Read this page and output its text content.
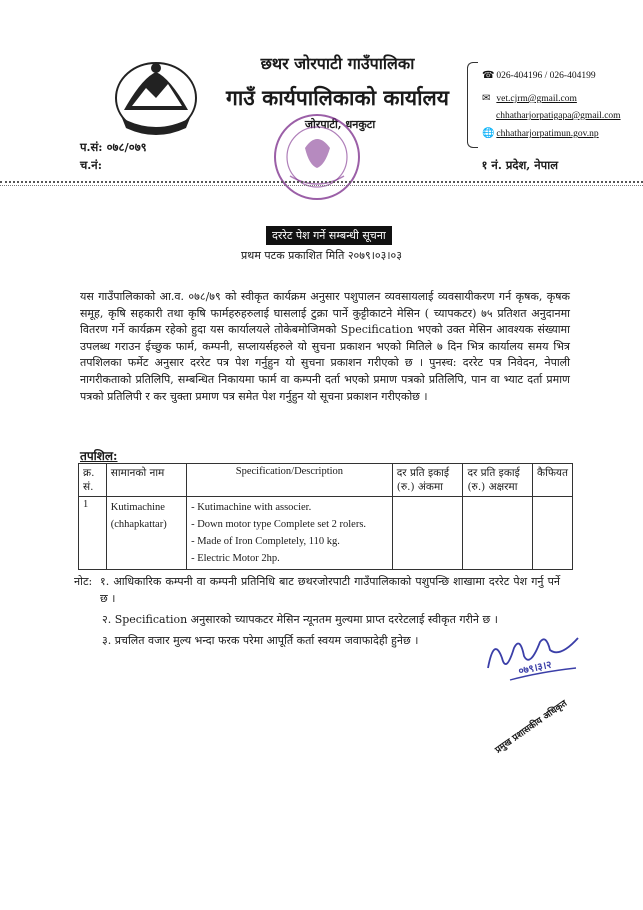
छथर जोरपाटी गाउँपालिका
गाउँ कार्यपालिकाको कार्यालय
जोरपाटी, धनकुटा
☎ 026-404196 / 026-404199
✉ vet.cjrm@gmail.com
chhatharjorpatigapa@gmail.com
🌐 chhatharjorpatimun.gov.np
प.सं: ०७८/०७९
च.नं:	१ नं. प्रदेश, नेपाल
दररेट पेश गर्ने सम्बन्धी सूचना
प्रथम पटक प्रकाशित मिति २०७९।०३।०३
यस गाउँपालिकाको आ.व. ०७८/७९ को स्वीकृत कार्यक्रम अनुसार पशुपालन व्यवसायलाई व्यवसायीकरण गर्न कृषक, कृषक समूह, कृषि सहकारी तथा कृषि फार्महरुहरुलाई घासलाई टुक्रा पार्ने कुट्टीकाटने मेसिन ( च्यापकटर) ७५ प्रतिशत अनुदानमा वितरण गर्ने कार्यक्रम रहेको हुदा यस कार्यालयले तोकेबमोजिमको Specification भएको उक्त मेसिन आवश्यक संख्यामा उपलब्ध गराउन ईच्छुक फार्म, कम्पनी, सप्लायर्सहरुले यो सुचना प्रकाशन भएको मितिले ७ दिन भित्र कार्यालय समय भित्र तपशिलका फर्मेट अनुसार दररेट पत्र पेश गर्नुहुन यो सुचना प्रकाशन गरीएको छ । पुनस्च: दररेट पत्र निवेदन, नेपाली नागरीकताको प्रतिलिपि, सम्बन्धित निकायमा फार्म वा कम्पनी दर्ता भएको प्रमाण पत्रको प्रतिलिपि, पान वा भ्याट दर्ता प्रमाण पत्रको प्रतिलिपी र कर चुक्ता प्रमाण पत्र समेत पेश गर्नुहुन यो सूचना प्रकाशन गरीएकोछ ।
तपशिल:
क्र. सं.	सामानको नाम	Specification/Description	दर प्रति इकाई (रु.) अंकमा	दर प्रति इकाई (रु.) अक्षरमा	कैफियत
1	Kutimachine (chhapkattar)	- Kutimachine with associer.
- Down motor type Complete set 2 rolers.
- Made of Iron Completely, 110 kg.
- Electric Motor 2hp.			

नोट: १. आधिकारिक कम्पनी वा कम्पनी प्रतिनिधि बाट छथरजोरपाटी गाउँपालिकाको पशुपन्छि शाखामा दररेट पेश गर्नु पर्ने छ ।
२. Specification अनुसारको च्यापकटर मेसिन न्यूनतम मुल्यमा प्राप्त दररेटलाई स्वीकृत गरीने छ ।
३. प्रचलित वजार मुल्य भन्दा फरक परेमा आपूर्ति कर्ता स्वयम जवाफादेही हुनेछ ।
०७९।३।२
प्रमुख प्रशासकीय अधिकृत
